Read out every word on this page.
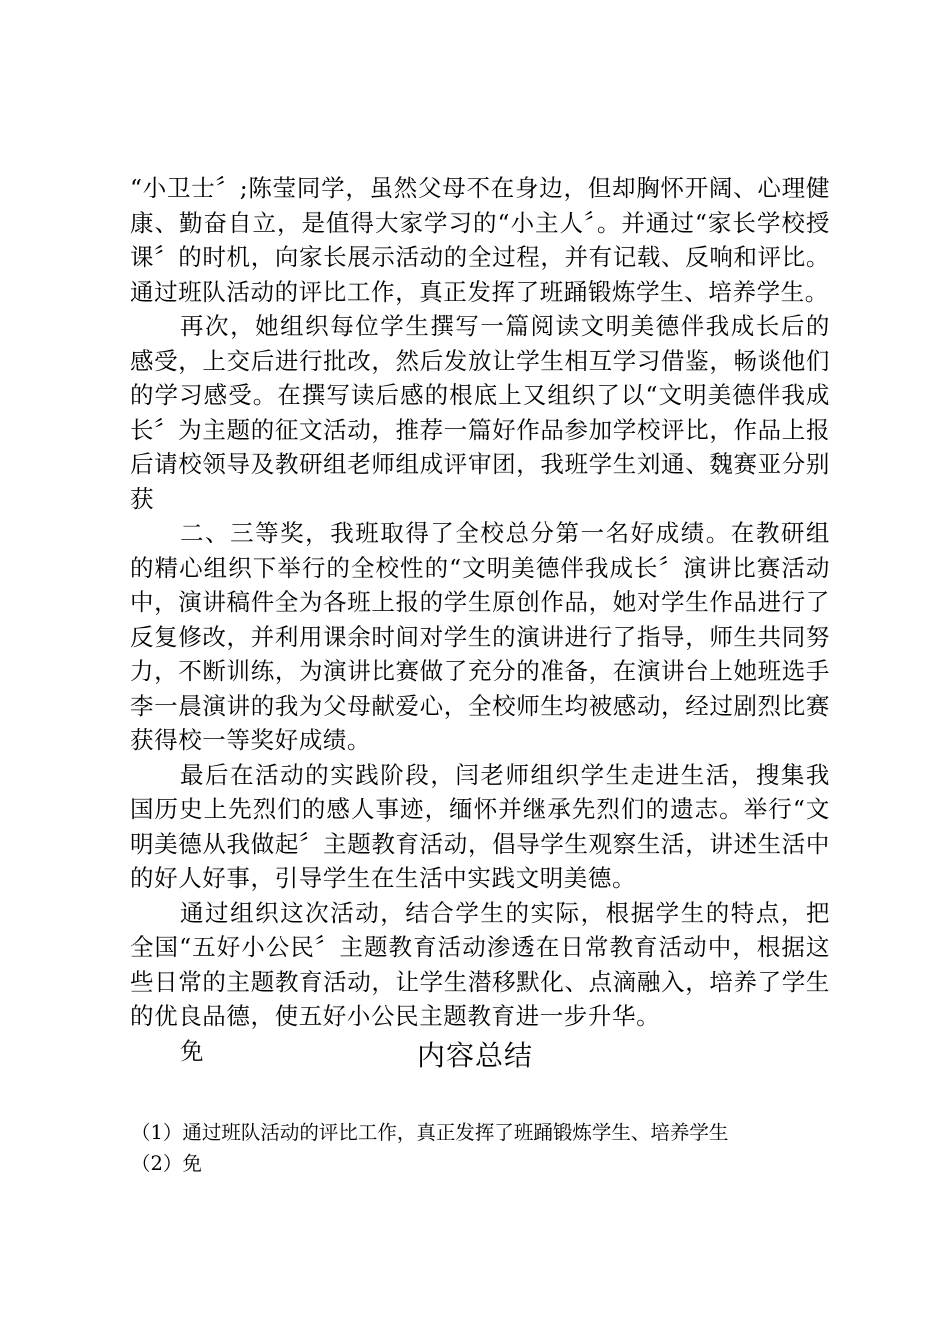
“小卫士〞;陈莹同学，虽然父母不在身边，但却胸怀开阔、心理健康、勤奋自立，是值得大家学习的“小主人〞。并通过“家长学校授课〞的时机，向家长展示活动的全过程，并有记载、反响和评比。通过班队活动的评比工作，真正发挥了班踊锻炼学生、培养学生。

再次，她组织每位学生撰写一篇阅读文明美德伴我成长后的感受，上交后进行批改，然后发放让学生相互学习借鉴，畅谈他们的学习感受。在撰写读后感的根底上又组织了以“文明美德伴我成长〞为主题的征文活动，推荐一篇好作品参加学校评比，作品上报后请校领导及教研组老师组成评审团，我班学生刘通、魏赛亚分别获

二、三等奖，我班取得了全校总分第一名好成绩。在教研组的精心组织下举行的全校性的“文明美德伴我成长〞演讲比赛活动中，演讲稿件全为各班上报的学生原创作品，她对学生作品进行了反复修改，并利用课余时间对学生的演讲进行了指导，师生共同努力，不断训练，为演讲比赛做了充分的准备，在演讲台上她班选手李一晨演讲的我为父母献爱心，全校师生均被感动，经过剧烈比赛获得校一等奖好成绩。

最后在活动的实践阶段，闫老师组织学生走进生活，搜集我国历史上先烈们的感人事迹，缅怀并继承先烈们的遗志。举行“文明美德从我做起〞主题教育活动，倡导学生观察生活，讲述生活中的好人好事，引导学生在生活中实践文明美德。

通过组织这次活动，结合学生的实际，根据学生的特点，把全国“五好小公民〞主题教育活动渗透在日常教育活动中，根据这些日常的主题教育活动，让学生潜移默化、点滴融入，培养了学生的优良品德，使五好小公民主题教育进一步升华。

免	内容总结
（1）通过班队活动的评比工作，真正发挥了班踊锻炼学生、培养学生
（2）免
